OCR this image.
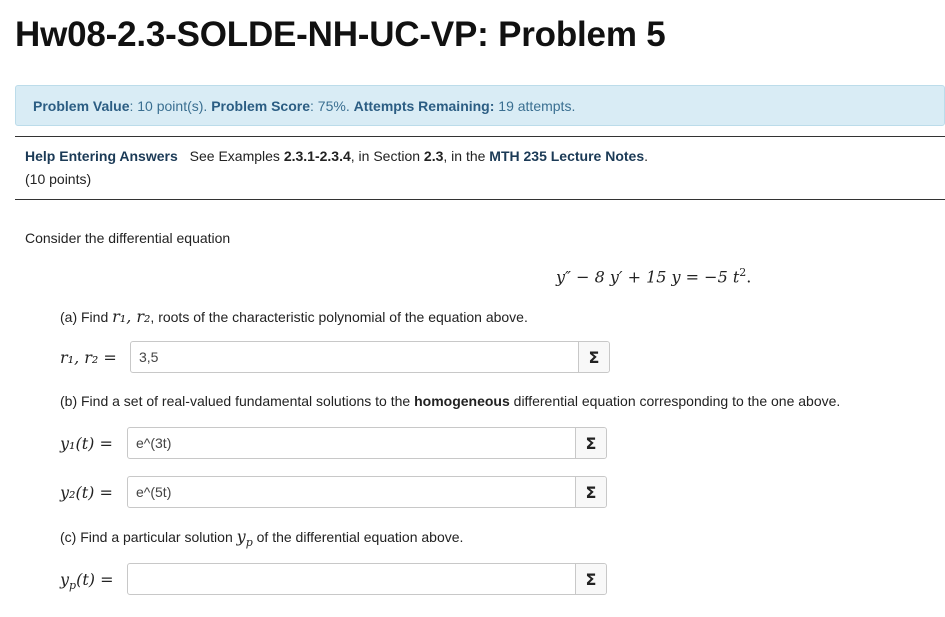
Hw08-2.3-SOLDE-NH-UC-VP: Problem 5
Problem Value: 10 point(s). Problem Score: 75%. Attempts Remaining: 19 attempts.
Help Entering Answers See Examples 2.3.1-2.3.4, in Section 2.3, in the MTH 235 Lecture Notes.
(10 points)
Consider the differential equation
y″ − 8 y′ + 15 y = −5 $t^2$.
(a) Find r₁, r₂, roots of the characteristic polynomial of the equation above.
r₁, r₂ =
3,5	Σ
(b) Find a set of real-valued fundamental solutions to the homogeneous differential equation corresponding to the one above.
y₁(t) =
e^(3t)	Σ
y₂(t) =
e^(5t)	Σ
(c) Find a particular solution $y_p$ of the differential equation above.
$y_p(t)$ =	Σ
